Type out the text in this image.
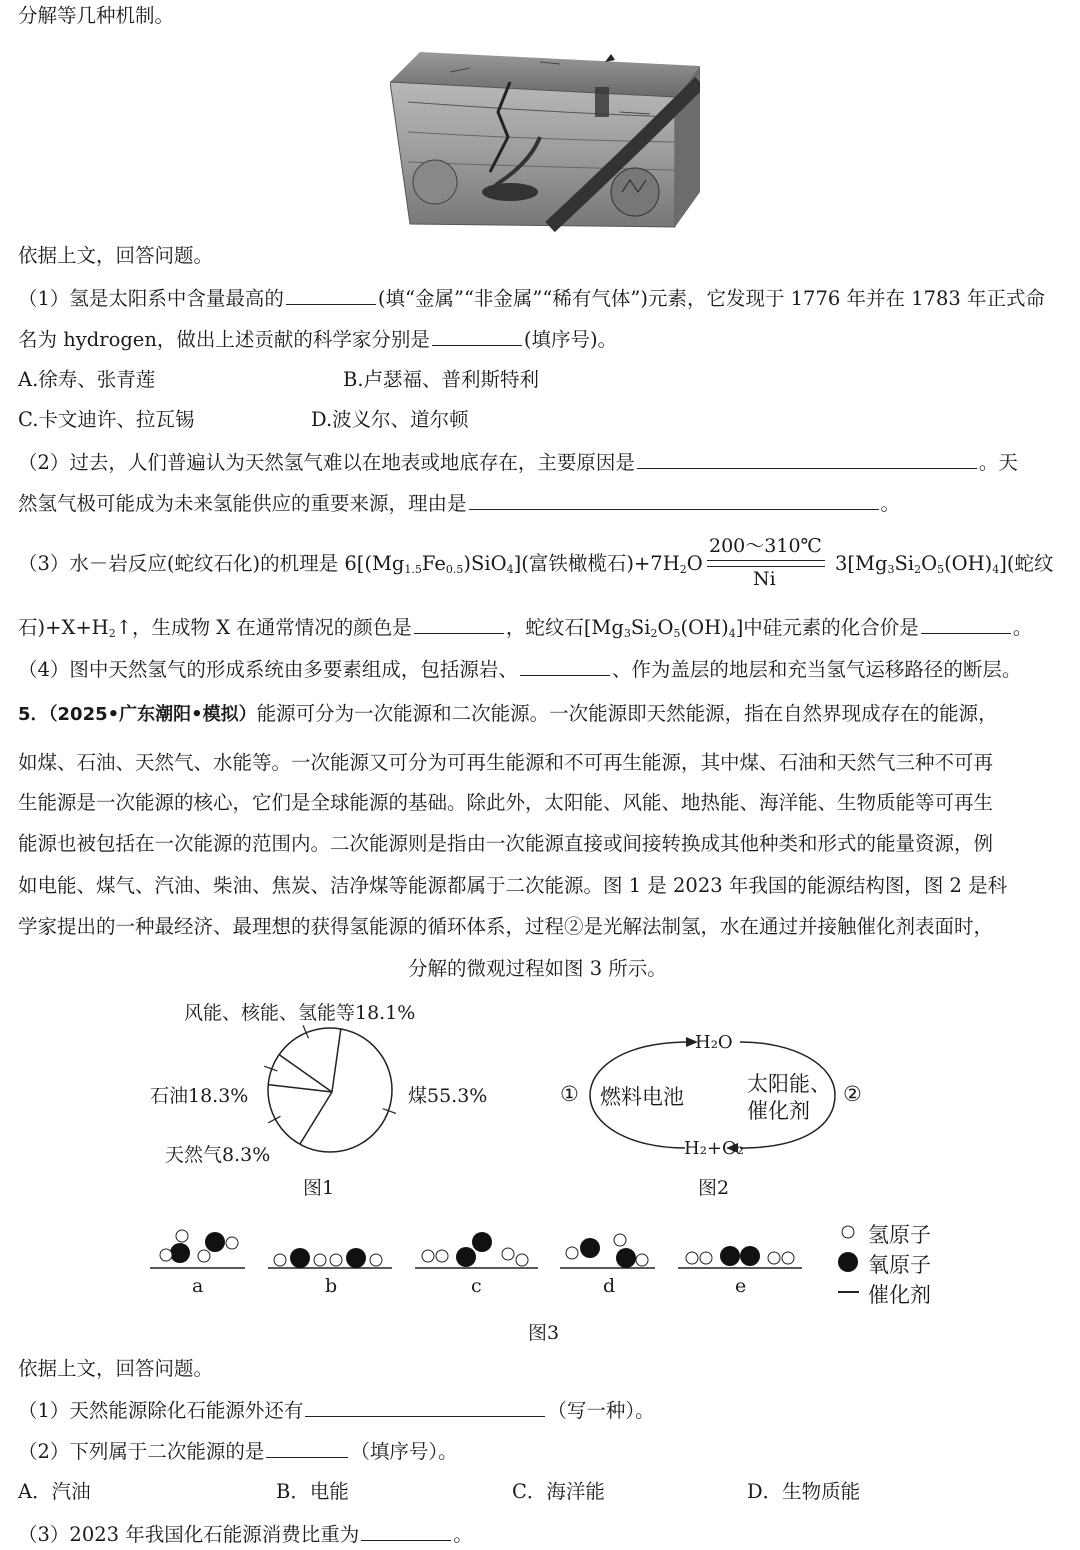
分解等几种机制。
依据上文，回答问题。
（1）氢是太阳系中含量最高的	(填“金属”“非金属”“稀有气体”)元素，它发现于 1776 年并在 1783 年正式命
名为 hydrogen，做出上述贡献的科学家分别是	(填序号)。
A.徐寿、张青莲	B.卢瑟福、普利斯特利
C.卡文迪许、拉瓦锡	D.波义尔、道尔顿
（2）过去，人们普遍认为天然氢气难以在地表或地底存在，主要原因是	。天
然氢气极可能成为未来氢能供应的重要来源，理由是	。
（3）水－岩反应(蛇纹石化)的机理是 $6[(Mg_{1.5}Fe_{0.5})SiO_4]$(富铁橄榄石)$+7H_2O$
200～310℃
Ni
$3[Mg_3Si_2O_5(OH)_4]$(蛇纹
石)$+X+H_2↑$，生成物 X 在通常情况的颜色是	，蛇纹石$[Mg_3Si_2O_5(OH)_4]$中硅元素的化合价是	。
（4）图中天然氢气的形成系统由多要素组成，包括源岩、	、作为盖层的地层和充当氢气运移路径的断层。
5．（2025•广东潮阳•模拟）能源可分为一次能源和二次能源。一次能源即天然能源，指在自然界现成存在的能源，
如煤、石油、天然气、水能等。一次能源又可分为可再生能源和不可再生能源，其中煤、石油和天然气三种不可再
生能源是一次能源的核心，它们是全球能源的基础。除此外，太阳能、风能、地热能、海洋能、生物质能等可再生
能源也被包括在一次能源的范围内。二次能源则是指由一次能源直接或间接转换成其他种类和形式的能量资源，例
如电能、煤气、汽油、柴油、焦炭、洁净煤等能源都属于二次能源。图 1 是 2023 年我国的能源结构图，图 2 是科
学家提出的一种最经济、最理想的获得氢能源的循环体系，过程②是光解法制氢，水在通过并接触催化剂表面时，
分解的微观过程如图 3 所示。
风能、核能、氢能等18.1%
石油18.3%	煤55.3%
天然气8.3%
图1
H₂O
H₂+O₂
① 燃料电池
太阳能、
催化剂
②
图2
a	b	c	d	e
氢原子
氧原子
催化剂
图3
依据上文，回答问题。
（1）天然能源除化石能源外还有	（写一种）。
（2）下列属于二次能源的是	（填序号）。
A．汽油	B．电能	C．海洋能	D．生物质能
（3）2023 年我国化石能源消费比重为	。
